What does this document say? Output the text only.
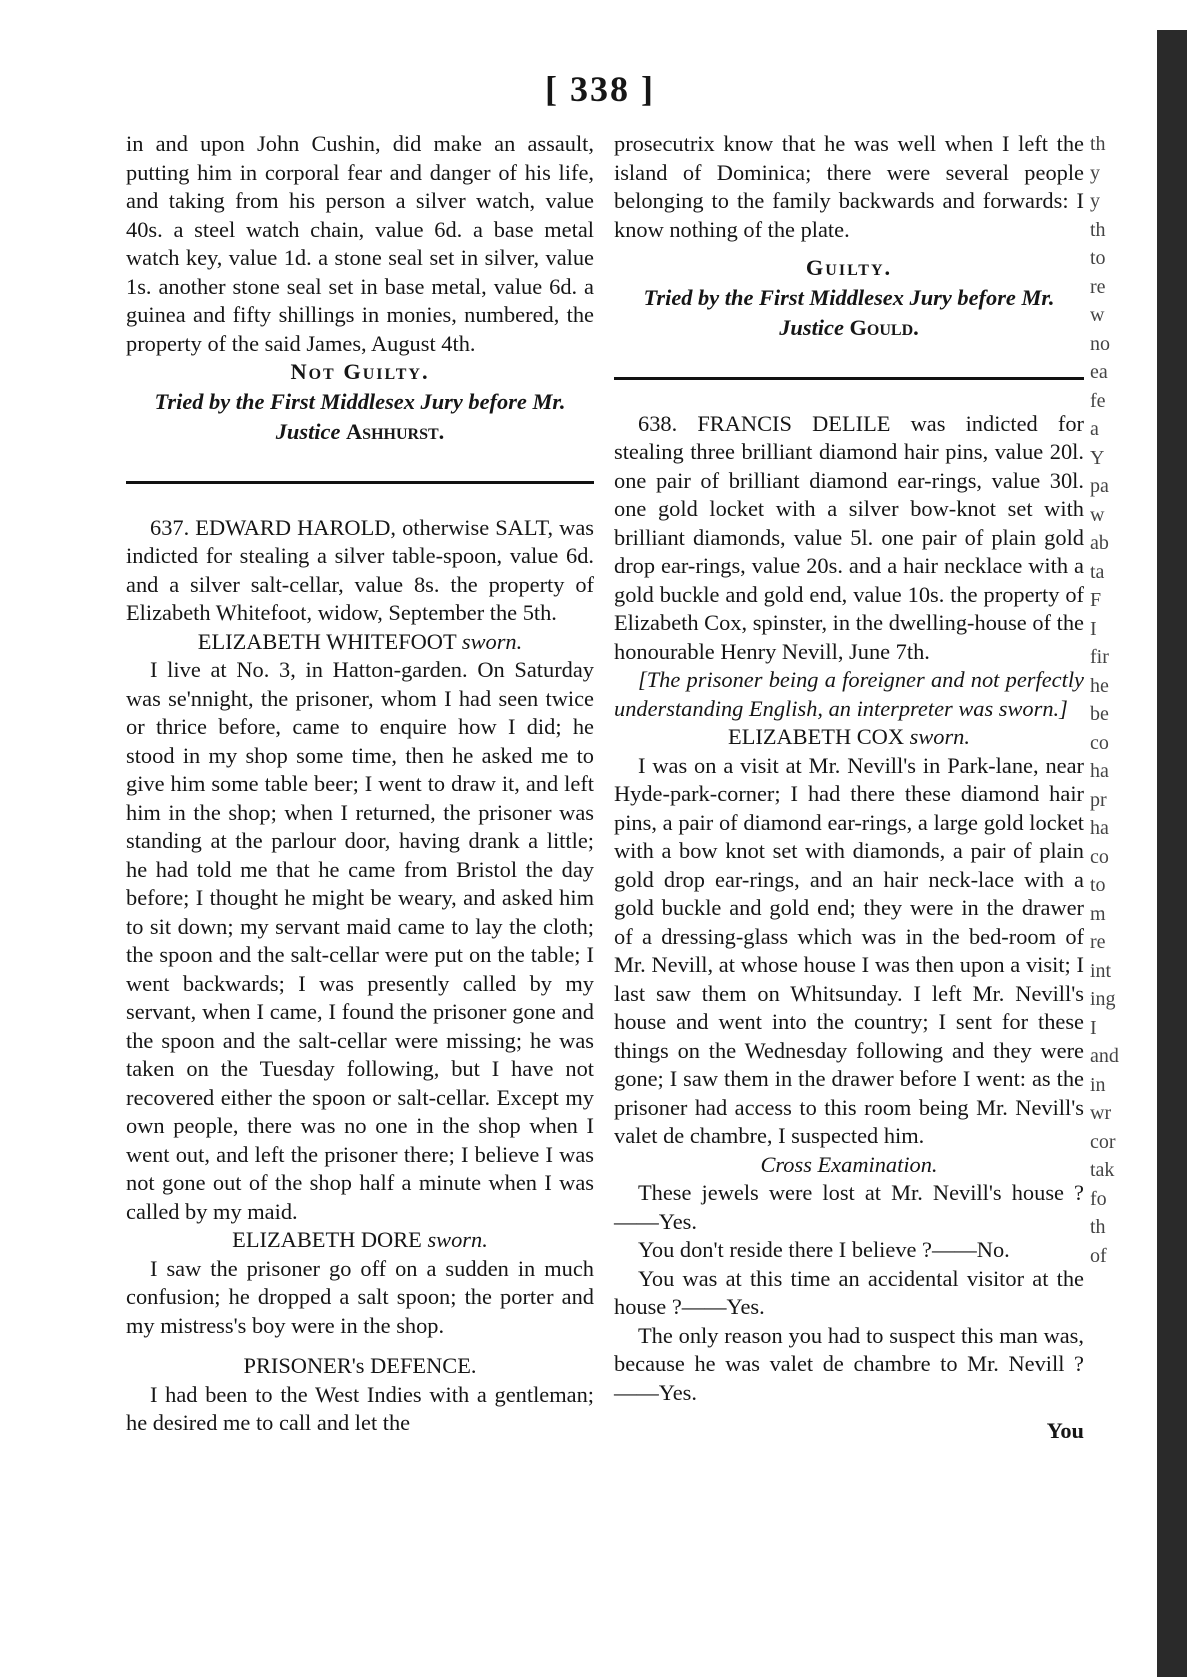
[ 338 ]

in and upon John Cushin, did make an assault, putting him in corporal fear and danger of his life, and taking from his person a silver watch, value 40s. a steel watch chain, value 6d. a base metal watch key, value 1d. a stone seal set in silver, value 1s. another stone seal set in base metal, value 6d. a guinea and fifty shillings in monies, numbered, the property of the said James, August 4th.

Not Guilty.

Tried by the First Middlesex Jury before Mr. Justice Ashhurst.

637. EDWARD HAROLD, otherwise SALT, was indicted for stealing a silver table-spoon, value 6d. and a silver salt-cellar, value 8s. the property of Elizabeth Whitefoot, widow, September the 5th.

ELIZABETH WHITEFOOT sworn.

I live at No. 3, in Hatton-garden. On Saturday was se'nnight, the prisoner, whom I had seen twice or thrice before, came to enquire how I did; he stood in my shop some time, then he asked me to give him some table beer; I went to draw it, and left him in the shop; when I returned, the prisoner was standing at the parlour door, having drank a little; he had told me that he came from Bristol the day before; I thought he might be weary, and asked him to sit down; my servant maid came to lay the cloth; the spoon and the salt-cellar were put on the table; I went backwards; I was presently called by my servant, when I came, I found the prisoner gone and the spoon and the salt-cellar were missing; he was taken on the Tuesday following, but I have not recovered either the spoon or salt-cellar. Except my own people, there was no one in the shop when I went out, and left the prisoner there; I believe I was not gone out of the shop half a minute when I was called by my maid.

ELIZABETH DORE sworn.

I saw the prisoner go off on a sudden in much confusion; he dropped a salt spoon; the porter and my mistress's boy were in the shop.

PRISONER's DEFENCE.

I had been to the West Indies with a gentleman; he desired me to call and let the

prosecutrix know that he was well when I left the island of Dominica; there were several people belonging to the family backwards and forwards: I know nothing of the plate.

Guilty.

Tried by the First Middlesex Jury before Mr. Justice Gould.

638. FRANCIS DELILE was indicted for stealing three brilliant diamond hair pins, value 20l. one pair of brilliant diamond ear-rings, value 30l. one gold locket with a silver bow-knot set with brilliant diamonds, value 5l. one pair of plain gold drop ear-rings, value 20s. and a hair necklace with a gold buckle and gold end, value 10s. the property of Elizabeth Cox, spinster, in the dwelling-house of the honourable Henry Nevill, June 7th.

[The prisoner being a foreigner and not perfectly understanding English, an interpreter was sworn.]

ELIZABETH COX sworn.

I was on a visit at Mr. Nevill's in Park-lane, near Hyde-park-corner; I had there these diamond hair pins, a pair of diamond ear-rings, a large gold locket with a bow knot set with diamonds, a pair of plain gold drop ear-rings, and an hair neck-lace with a gold buckle and gold end; they were in the drawer of a dressing-glass which was in the bed-room of Mr. Nevill, at whose house I was then upon a visit; I last saw them on Whitsunday. I left Mr. Nevill's house and went into the country; I sent for these things on the Wednesday following and they were gone; I saw them in the drawer before I went: as the prisoner had access to this room being Mr. Nevill's valet de chambre, I suspected him.

Cross Examination.

These jewels were lost at Mr. Nevill's house ?——Yes.

You don't reside there I believe ?——No.

You was at this time an accidental visitor at the house ?——Yes.

The only reason you had to suspect this man was, because he was valet de chambre to Mr. Nevill ?——Yes.

You
th
y
y
th
to
re
w
no
ea
fe
a
Y
pa
w
ab
ta
F
I
fir
he
be
co
ha
pr
ha
co
to
m
re
int
ing
I
and
in
wr
cor
tak
fo
th
of
